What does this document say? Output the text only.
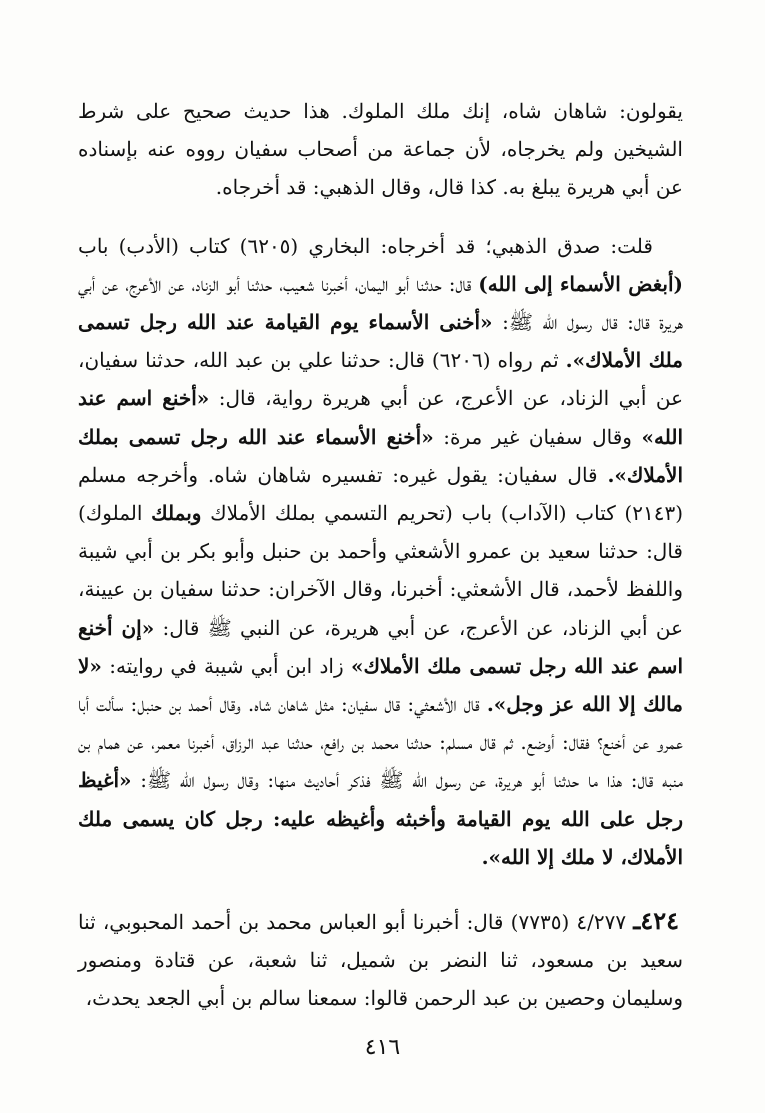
يقولون: شاهان شاه، إنك ملك الملوك. هذا حديث صحيح على شرط الشيخين ولم يخرجاه، لأن جماعة من أصحاب سفيان رووه عنه بإسناده عن أبي هريرة يبلغ به. كذا قال، وقال الذهبي: قد أخرجاه.

قلت: صدق الذهبي؛ قد أخرجاه: البخاري (٦٢٠٥) كتاب (الأدب) باب (أبغض الأسماء إلى الله) قال: حدثنا أبو اليمان، أخبرنا شعيب، حدثنا أبو الزناد، عن الأعرج، عن أبي هريرة قال: قال رسول الله ﷺ: «أخنى الأسماء يوم القيامة عند الله رجل تسمى ملك الأملاك». ثم رواه (٦٢٠٦) قال: حدثنا علي بن عبد الله، حدثنا سفيان، عن أبي الزناد، عن الأعرج، عن أبي هريرة رواية، قال: «أخنع اسم عند الله» وقال سفيان غير مرة: «أخنع الأسماء عند الله رجل تسمى بملك الأملاك». قال سفيان: يقول غيره: تفسيره شاهان شاه. وأخرجه مسلم (٢١٤٣) كتاب (الآداب) باب (تحريم التسمي بملك الأملاك وبملك الملوك) قال: حدثنا سعيد بن عمرو الأشعثي وأحمد بن حنبل وأبو بكر بن أبي شيبة واللفظ لأحمد، قال الأشعثي: أخبرنا، وقال الآخران: حدثنا سفيان بن عيينة، عن أبي الزناد، عن الأعرج، عن أبي هريرة، عن النبي ﷺ قال: «إن أخنع اسم عند الله رجل تسمى ملك الأملاك» زاد ابن أبي شيبة في روايته: «لا مالك إلا الله عز وجل». قال الأشعثي: قال سفيان: مثل شاهان شاه. وقال أحمد بن حنبل: سألت أبا عمرو عن أخنع؟ فقال: أوضع. ثم قال مسلم: حدثنا محمد بن رافع، حدثنا عبد الرزاق، أخبرنا معمر، عن همام بن منبه قال: هذا ما حدثنا أبو هريرة، عن رسول الله ﷺ فذكر أحاديث منها: وقال رسول الله ﷺ: «أغيظ رجل على الله يوم القيامة وأخبثه وأغيظه عليه: رجل كان يسمى ملك الأملاك، لا ملك إلا الله».

٤٢٤ـ ٤/٢٧٧ (٧٧٣٥) قال: أخبرنا أبو العباس محمد بن أحمد المحبوبي، ثنا سعيد بن مسعود، ثنا النضر بن شميل، ثنا شعبة، عن قتادة ومنصور وسليمان وحصين بن عبد الرحمن قالوا: سمعنا سالم بن أبي الجعد يحدث،

٤١٦
